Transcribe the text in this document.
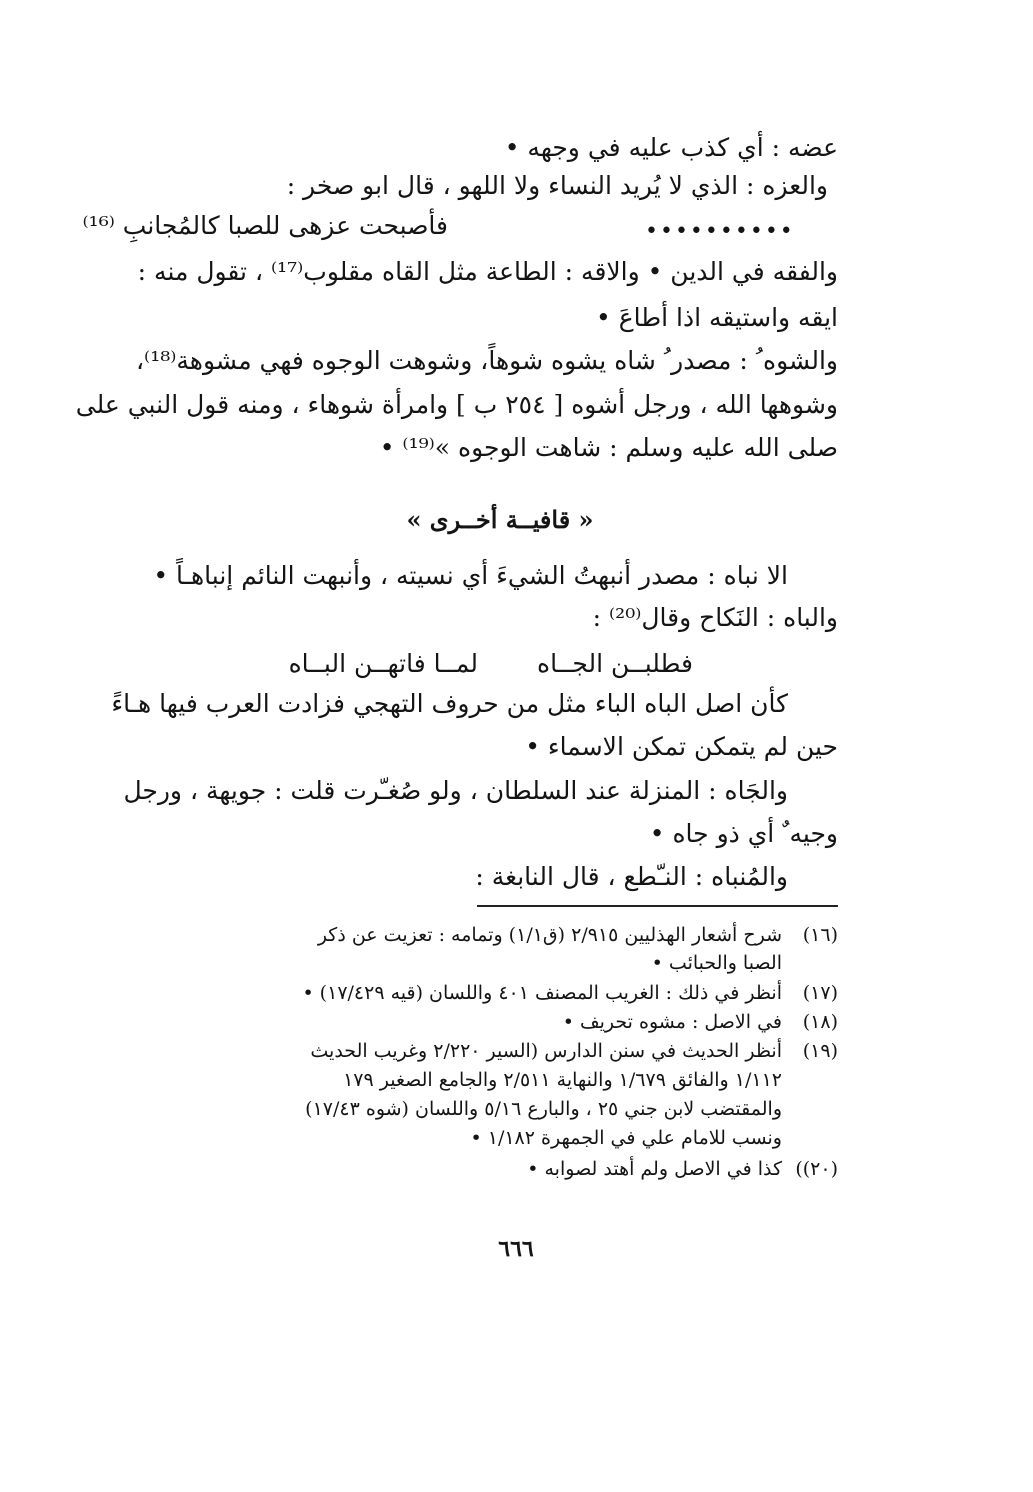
عضه : أي كذب عليه في وجهه •
والعزه : الذي لا يُريد النساء ولا اللهو ، قال ابو صخر :
••••••••••
فأصبحت عزهى للصبا كالمُجانبِ ⁽¹⁶⁾
والفقه في الدين • والاقه : الطاعة مثل القاه مقلوب⁽¹⁷⁾ ، تقول منه :
ايقه واستيقه اذا أطاعَ •
والشوه ُ : مصدر ُ شاه يشوه شوهاً، وشوهت الوجوه فهي مشوهة⁽¹⁸⁾،
وشوهها الله ، ورجل أشوه [ ٢٥٤ ب ] وامرأة شوهاء ، ومنه قول النبي على
صلى الله عليه وسلم : شاهت الوجوه »⁽¹⁹⁾ •
« قافيــة أخــرى »
الا نباه : مصدر أنبهتُ الشيءَ أي نسيته ، وأنبهت النائم إنباهـاً •
والباه : النَكاح وقال⁽²⁰⁾ :
فطلبــن الجــاه
لمــا فاتهــن البــاه
كأن اصل الباه الباء مثل من حروف التهجي فزادت العرب فيها هـاءً
حين لم يتمكن تمكن الاسماء •
والجَاه : المنزلة عند السلطان ، ولو صُغـّرت قلت : جويهة ، ورجل
وجيه ٌ أي ذو جاه •
والمُنباه : النـّطع ، قال النابغة :
(١٦)شرح أشعار الهذليين ٢/٩١٥ (ق١/١) وتمامه : تعزيت عن ذكر
الصبا والحبائب •
(١٧)أنظر في ذلك : الغريب المصنف ٤٠١ واللسان (قيه ١٧/٤٢٩) •
(١٨)في الاصل : مشوه تحريف •
(١٩)أنظر الحديث في سنن الدارس (السير ٢/٢٢٠ وغريب الحديث
١/١١٢ والفائق ١/٦٧٩ والنهاية ٢/٥١١ والجامع الصغير ١٧٩
والمقتضب لابن جني ٢٥ ، والبارع ٥/١٦ واللسان (شوه ١٧/٤٣)
ونسب للامام علي في الجمهرة ١/١٨٢ •
(٢٠))كذا في الاصل ولم أهتد لصوابه •
٦٦٦
